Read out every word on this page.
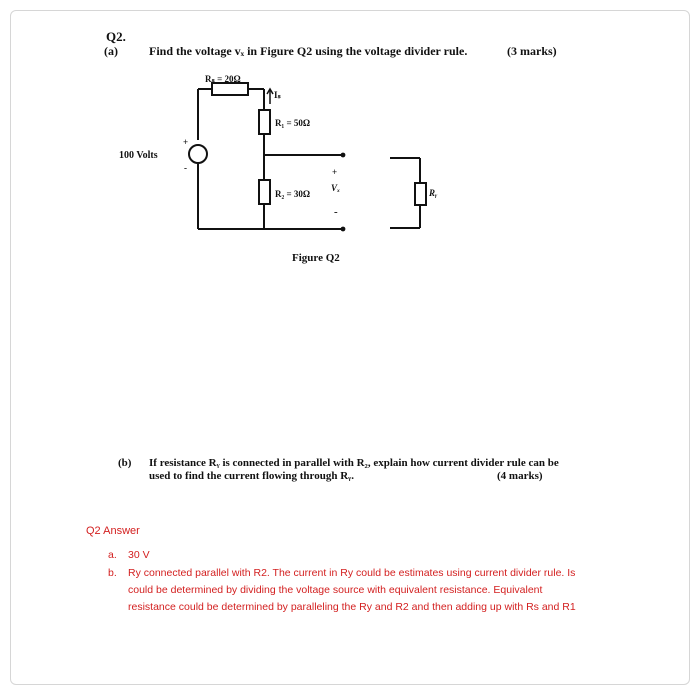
Q2.
(a)	Find the voltage vₓ in Figure Q2 using the voltage divider rule.	(3 marks)
Rₛ = 20Ω
Iₛ
R₁ = 50Ω
R₂ = 30Ω
100 Volts
+
-	+
Vₓ
-
Rᵧ
Figure Q2
(b) If resistance Rᵧ is connected in parallel with R₂, explain how current divider rule can be
used to find the current flowing through Rᵧ.	(4 marks)
Q2 Answer
a. 30 V
b. Ry connected parallel with R2. The current in Ry could be estimates using current divider rule. Is
could be determined by dividing the voltage source with equivalent resistance. Equivalent
resistance could be determined by paralleling the Ry and R2 and then adding up with Rs and R1
